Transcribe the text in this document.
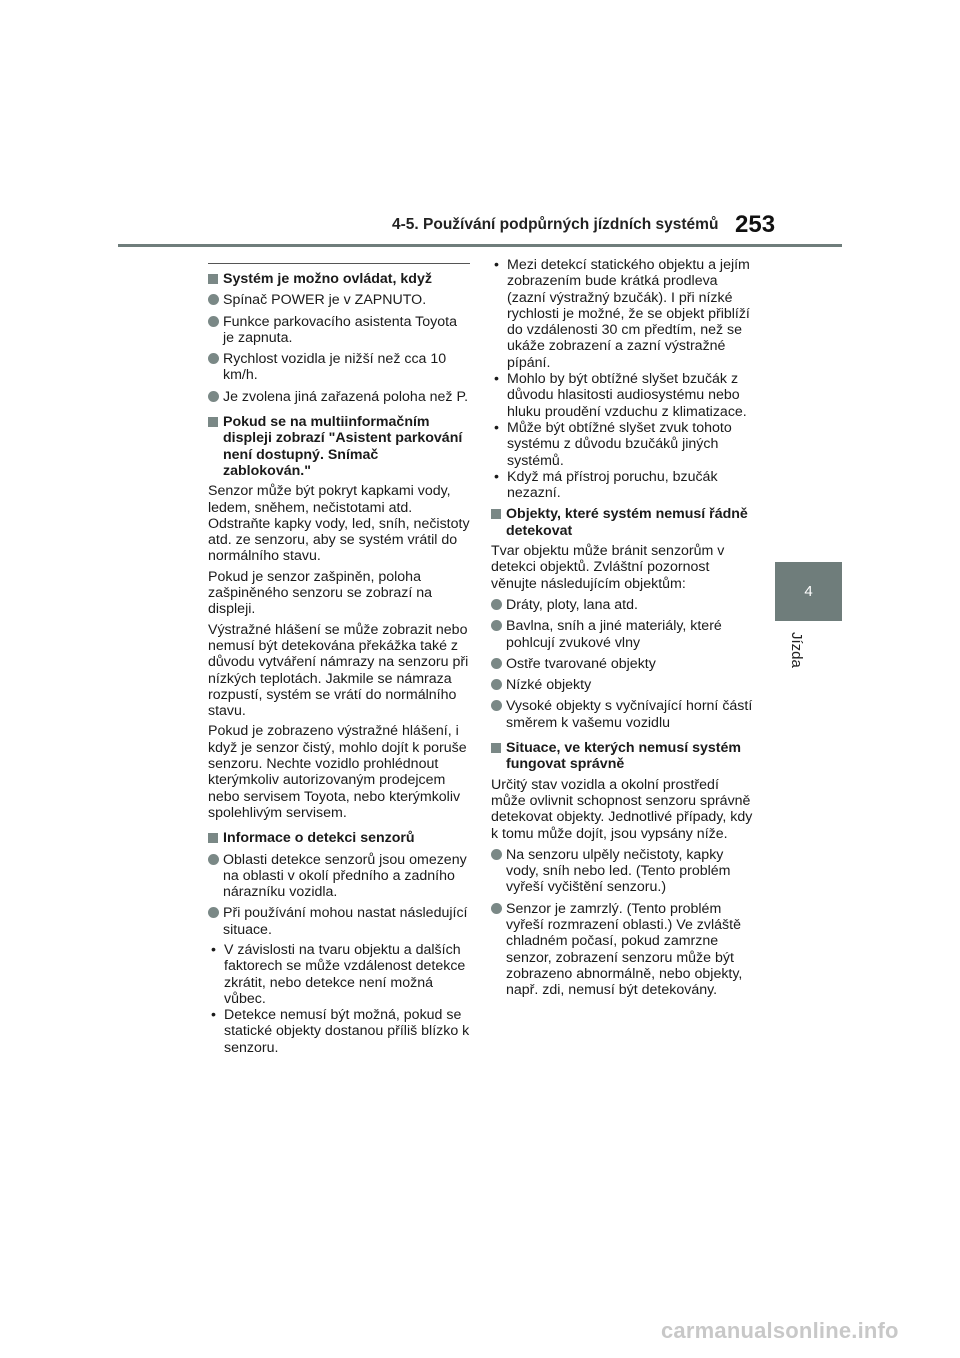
4-5. Používání podpůrných jízdních systémů 253
4
Jízda
Systém je možno ovládat, když
Spínač POWER je v ZAPNUTO.
Funkce parkovacího asistenta Toyota je zapnuta.
Rychlost vozidla je nižší než cca 10 km/h.
Je zvolena jiná zařazená poloha než P.
Pokud se na multiinformačním displeji zobrazí "Asistent parkování není dostupný. Snímač zablokován."
Senzor může být pokryt kapkami vody, ledem, sněhem, nečistotami atd. Odstraňte kapky vody, led, sníh, nečistoty atd. ze senzoru, aby se systém vrátil do normálního stavu.
Pokud je senzor zašpiněn, poloha zašpiněného senzoru se zobrazí na displeji.
Výstražné hlášení se může zobrazit nebo nemusí být detekována překážka také z důvodu vytváření námrazy na senzoru při nízkých teplotách. Jakmile se námraza rozpustí, systém se vrátí do normálního stavu.
Pokud je zobrazeno výstražné hlášení, i když je senzor čistý, mohlo dojít k poruše senzoru. Nechte vozidlo prohlédnout kterýmkoliv autorizovaným prodejcem nebo servisem Toyota, nebo kterýmkoliv spolehlivým servisem.
Informace o detekci senzorů
Oblasti detekce senzorů jsou omezeny na oblasti v okolí předního a zadního nárazníku vozidla.
Při používání mohou nastat následující situace.
• V závislosti na tvaru objektu a dalších faktorech se může vzdálenost detekce zkrátit, nebo detekce není možná vůbec.
• Detekce nemusí být možná, pokud se statické objekty dostanou příliš blízko k senzoru.
• Mezi detekcí statického objektu a jejím zobrazením bude krátká prodleva (zazní výstražný bzučák). I při nízké rychlosti je možné, že se objekt přiblíží do vzdálenosti 30 cm předtím, než se ukáže zobrazení a zazní výstražné pípání.
• Mohlo by být obtížné slyšet bzučák z důvodu hlasitosti audiosystému nebo hluku proudění vzduchu z klimatizace.
• Může být obtížné slyšet zvuk tohoto systému z důvodu bzučáků jiných systémů.
• Když má přístroj poruchu, bzučák nezazní.
Objekty, které systém nemusí řádně detekovat
Tvar objektu může bránit senzorům v detekci objektů. Zvláštní pozornost věnujte následujícím objektům:
Dráty, ploty, lana atd.
Bavlna, sníh a jiné materiály, které pohlcují zvukové vlny
Ostře tvarované objekty
Nízké objekty
Vysoké objekty s vyčnívající horní částí směrem k vašemu vozidlu
Situace, ve kterých nemusí systém fungovat správně
Určitý stav vozidla a okolní prostředí může ovlivnit schopnost senzoru správně detekovat objekty. Jednotlivé případy, kdy k tomu může dojít, jsou vypsány níže.
Na senzoru ulpěly nečistoty, kapky vody, sníh nebo led. (Tento problém vyřeší vyčištění senzoru.)
Senzor je zamrzlý. (Tento problém vyřeší rozmrazení oblasti.) Ve zvláště chladném počasí, pokud zamrzne senzor, zobrazení senzoru může být zobrazeno abnormálně, nebo objekty, např. zdi, nemusí být detekovány.
carmanualsonline.info
